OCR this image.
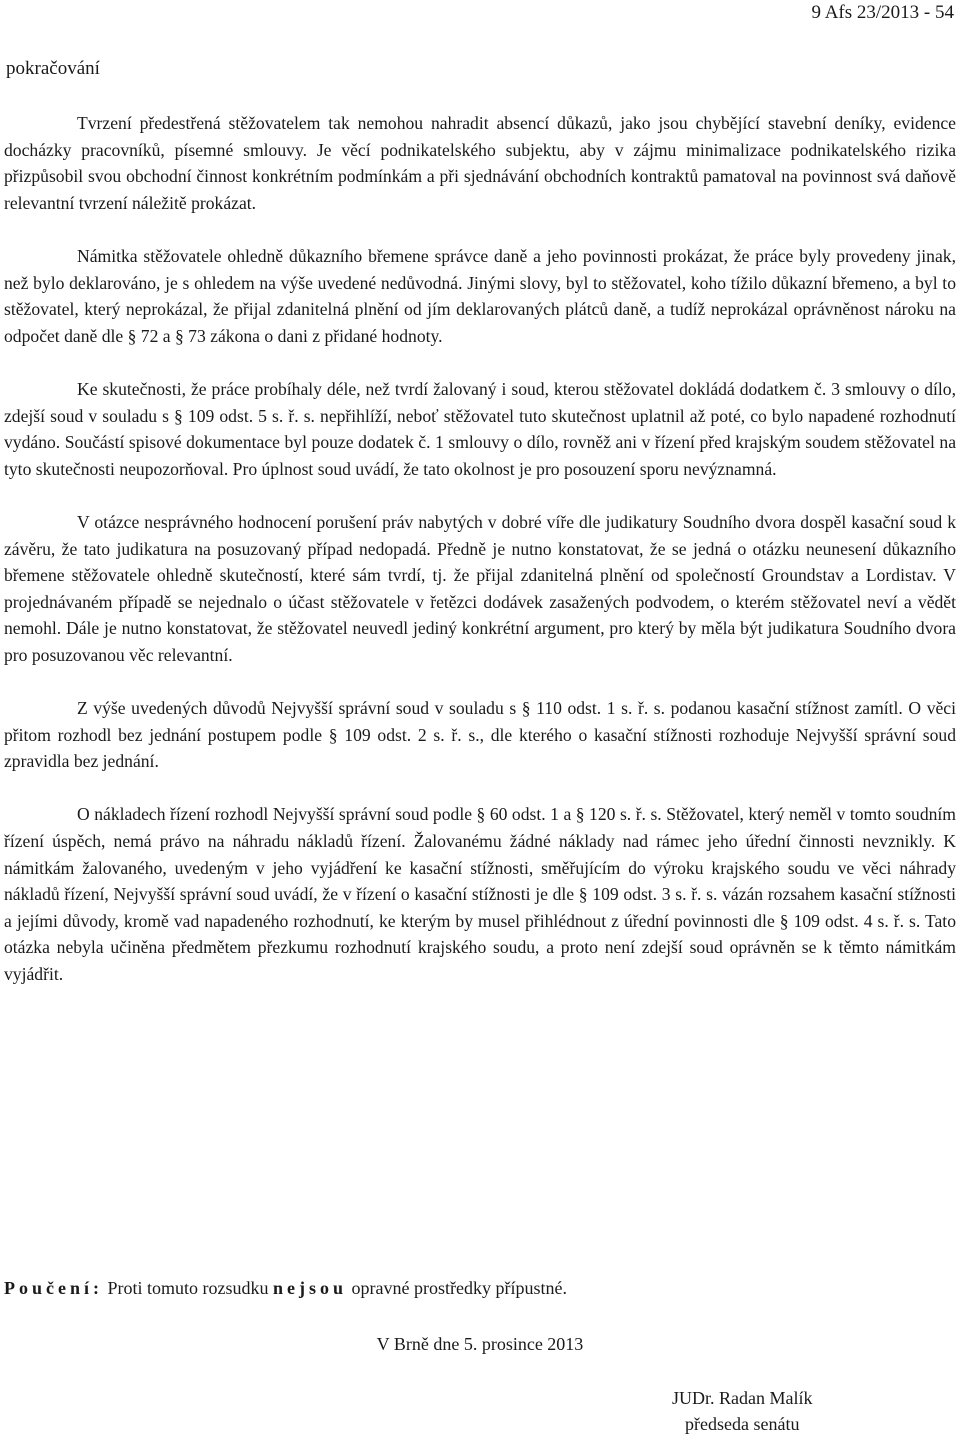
9 Afs 23/2013 - 54
pokračování

Tvrzení předestřená stěžovatelem tak nemohou nahradit absencí důkazů, jako jsou chybějící stavební deníky, evidence docházky pracovníků, písemné smlouvy. Je věcí podnikatelského subjektu, aby v zájmu minimalizace podnikatelského rizika přizpůsobil svou obchodní činnost konkrétním podmínkám a při sjednávání obchodních kontraktů pamatoval na povinnost svá daňově relevantní tvrzení náležitě prokázat.

Námitka stěžovatele ohledně důkazního břemene správce daně a jeho povinnosti prokázat, že práce byly provedeny jinak, než bylo deklarováno, je s ohledem na výše uvedené nedůvodná. Jinými slovy, byl to stěžovatel, koho tížilo důkazní břemeno, a byl to stěžovatel, který neprokázal, že přijal zdanitelná plnění od jím deklarovaných plátců daně, a tudíž neprokázal oprávněnost nároku na odpočet daně dle § 72 a § 73 zákona o dani z přidané hodnoty.

Ke skutečnosti, že práce probíhaly déle, než tvrdí žalovaný i soud, kterou stěžovatel dokládá dodatkem č. 3 smlouvy o dílo, zdejší soud v souladu s § 109 odst. 5 s. ř. s. nepřihlíží, neboť stěžovatel tuto skutečnost uplatnil až poté, co bylo napadené rozhodnutí vydáno. Součástí spisové dokumentace byl pouze dodatek č. 1 smlouvy o dílo, rovněž ani v řízení před krajským soudem stěžovatel na tyto skutečnosti neupozorňoval. Pro úplnost soud uvádí, že tato okolnost je pro posouzení sporu nevýznamná.

V otázce nesprávného hodnocení porušení práv nabytých v dobré víře dle judikatury Soudního dvora dospěl kasační soud k závěru, že tato judikatura na posuzovaný případ nedopadá. Předně je nutno konstatovat, že se jedná o otázku neunesení důkazního břemene stěžovatele ohledně skutečností, které sám tvrdí, tj. že přijal zdanitelná plnění od společností Groundstav a Lordistav. V projednávaném případě se nejednalo o účast stěžovatele v řetězci dodávek zasažených podvodem, o kterém stěžovatel neví a vědět nemohl. Dále je nutno konstatovat, že stěžovatel neuvedl jediný konkrétní argument, pro který by měla být judikatura Soudního dvora pro posuzovanou věc relevantní.

Z výše uvedených důvodů Nejvyšší správní soud v souladu s § 110 odst. 1 s. ř. s. podanou kasační stížnost zamítl. O věci přitom rozhodl bez jednání postupem podle § 109 odst. 2 s. ř. s., dle kterého o kasační stížnosti rozhoduje Nejvyšší správní soud zpravidla bez jednání.

O nákladech řízení rozhodl Nejvyšší správní soud podle § 60 odst. 1 a § 120 s. ř. s. Stěžovatel, který neměl v tomto soudním řízení úspěch, nemá právo na náhradu nákladů řízení. Žalovanému žádné náklady nad rámec jeho úřední činnosti nevznikly. K námitkám žalovaného, uvedeným v jeho vyjádření ke kasační stížnosti, směřujícím do výroku krajského soudu ve věci náhrady nákladů řízení, Nejvyšší správní soud uvádí, že v řízení o kasační stížnosti je dle § 109 odst. 3 s. ř. s. vázán rozsahem kasační stížnosti a jejími důvody, kromě vad napadeného rozhodnutí, ke kterým by musel přihlédnout z úřední povinnosti dle § 109 odst. 4 s. ř. s. Tato otázka nebyla učiněna předmětem přezkumu rozhodnutí krajského soudu, a proto není zdejší soud oprávněn se k těmto námitkám vyjádřit.

Poučení: Proti tomuto rozsudku nejsou opravné prostředky přípustné.
V Brně dne 5. prosince 2013
JUDr. Radan Malík
předseda senátu
